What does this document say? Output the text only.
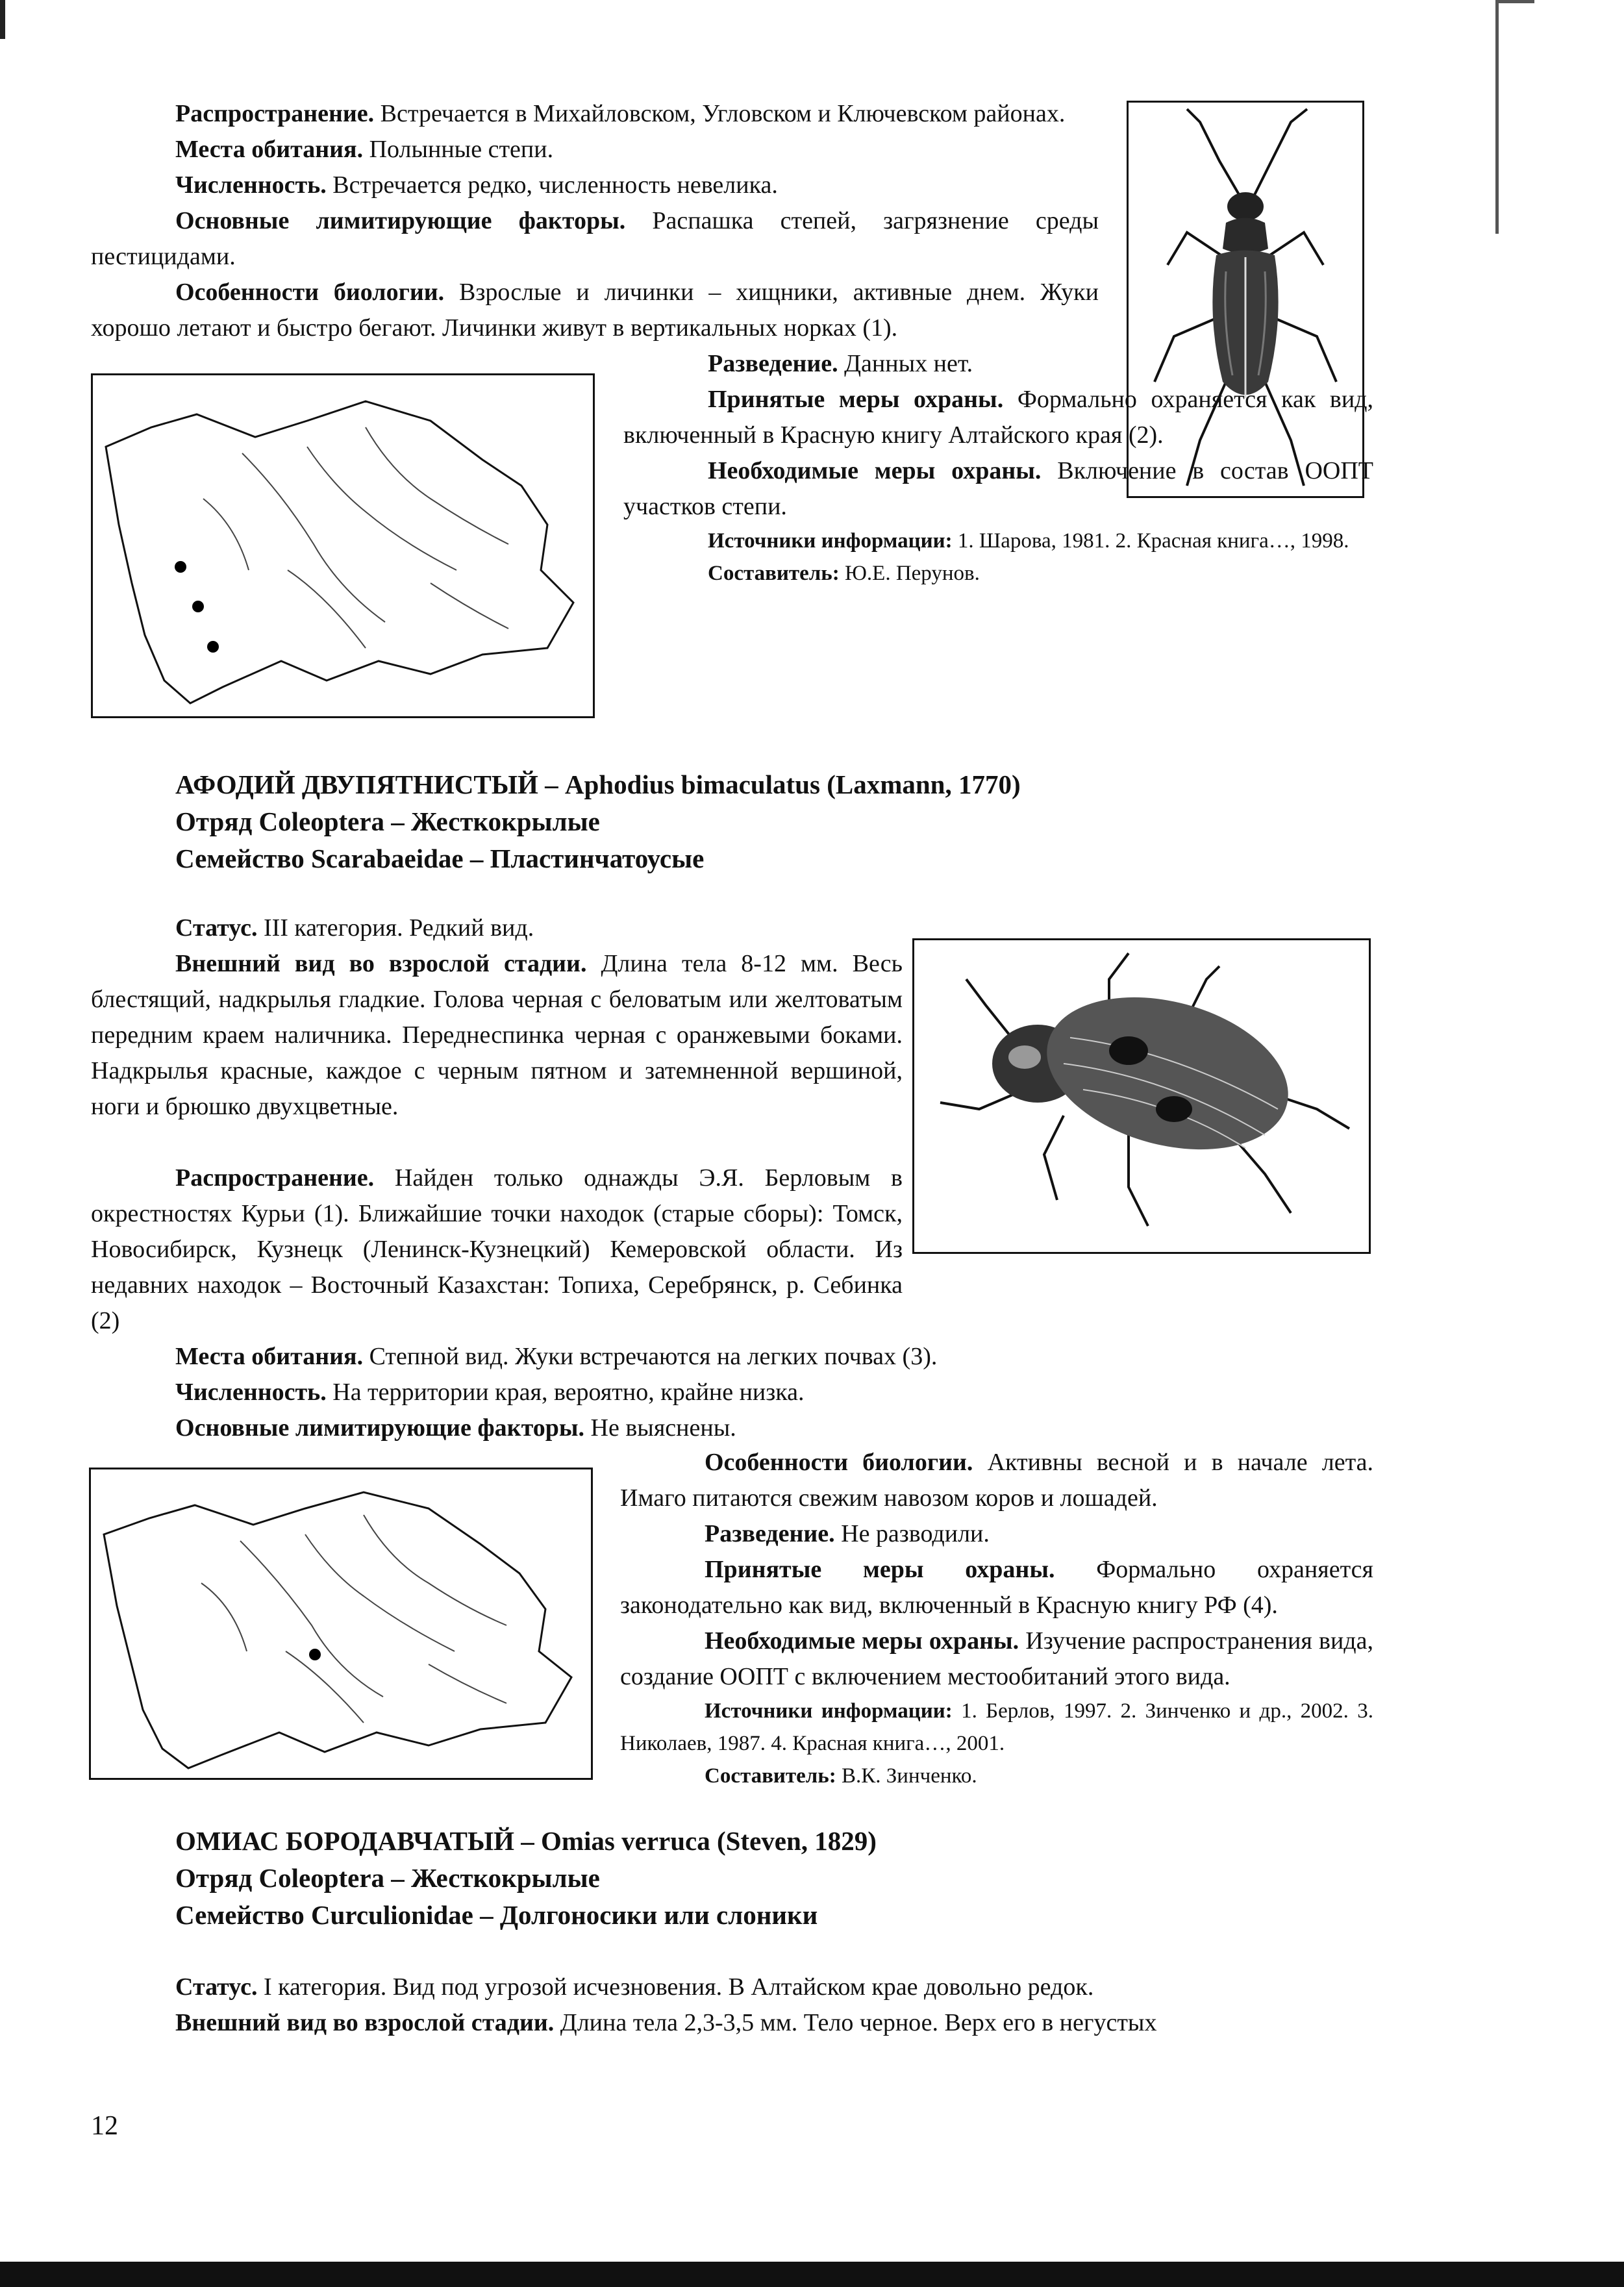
Распространение. Встречается в Михайловском, Угловском и Ключевском районах.

Места обитания. Полынные степи.

Численность. Встречается редко, численность невелика.

Основные лимитирующие факторы. Распашка степей, загрязнение среды пестицидами.

Особенности биологии. Взрослые и личинки – хищники, активные днем. Жуки хорошо летают и быстро бегают. Личинки живут в вертикальных норках (1).

Разведение. Данных нет.

Принятые меры охраны. Формально охраняется как вид, включенный в Красную книгу Алтайского края (2).

Необходимые меры охраны. Включение в состав ООПТ участков степи.

Источники информации: 1. Шарова, 1981. 2. Красная книга…, 1998.

Составитель: Ю.Е. Перунов.

АФОДИЙ ДВУПЯТНИСТЫЙ – Aphodius bimaculatus (Laxmann, 1770)
Отряд Coleoptera – Жесткокрылые
Семейство Scarabaeidae – Пластинчатоусые

Статус. III категория. Редкий вид.

Внешний вид во взрослой стадии. Длина тела 8-12 мм. Весь блестящий, надкрылья гладкие. Голова черная с беловатым или желтоватым передним краем наличника. Переднеспинка черная с оранжевыми боками. Надкрылья красные, каждое с черным пятном и затемненной вершиной, ноги и брюшко двухцветные.

Распространение. Найден только однажды Э.Я. Берловым в окрестностях Курьи (1). Ближайшие точки находок (старые сборы): Томск, Новосибирск, Кузнецк (Ленинск-Кузнецкий) Кемеровской области. Из недавних находок – Восточный Казахстан: Топиха, Серебрянск, р. Себинка (2)

Места обитания. Степной вид. Жуки встречаются на легких почвах (3).

Численность. На территории края, вероятно, крайне низка.

Основные лимитирующие факторы. Не выяснены.

Особенности биологии. Активны весной и в начале лета. Имаго питаются свежим навозом коров и лошадей.

Разведение. Не разводили.

Принятые меры охраны. Формально охраняется законодательно как вид, включенный в Красную книгу РФ (4).

Необходимые меры охраны. Изучение распространения вида, создание ООПТ с включением местообитаний этого вида.

Источники информации: 1. Берлов, 1997. 2. Зинченко и др., 2002. 3. Николаев, 1987. 4. Красная книга…, 2001.

Составитель: В.К. Зинченко.

ОМИАС БОРОДАВЧАТЫЙ – Omias verruca (Steven, 1829)
Отряд Coleoptera – Жесткокрылые
Семейство Curculionidae – Долгоносики или слоники

Статус. I категория. Вид под угрозой исчезновения. В Алтайском крае довольно редок.

Внешний вид во взрослой стадии. Длина тела 2,3-3,5 мм. Тело черное. Верх его в негустых

12
